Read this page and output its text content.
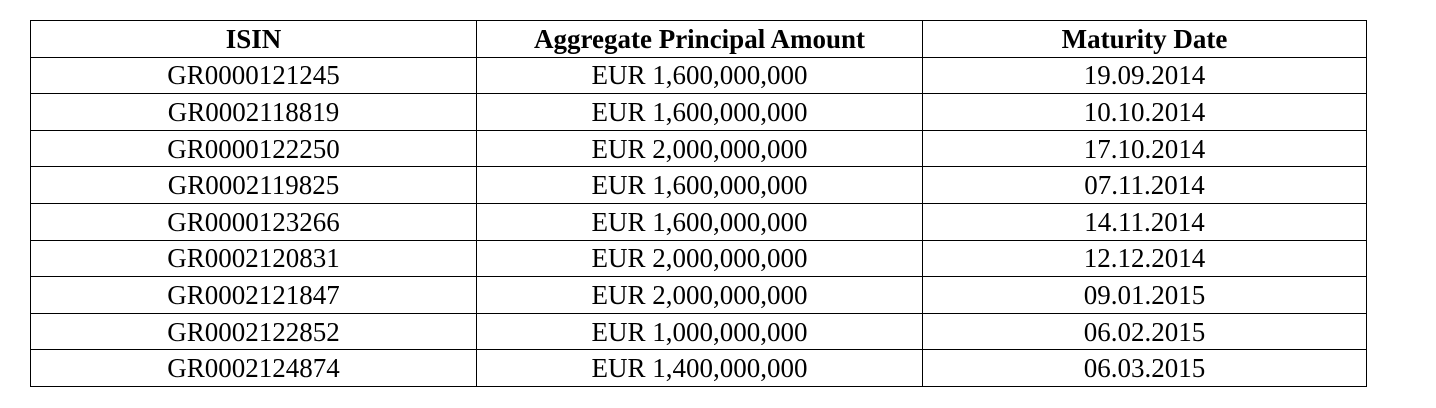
ISIN	Aggregate Principal Amount	Maturity Date
GR0000121245	EUR 1,600,000,000	19.09.2014
GR0002118819	EUR 1,600,000,000	10.10.2014
GR0000122250	EUR 2,000,000,000	17.10.2014
GR0002119825	EUR 1,600,000,000	07.11.2014
GR0000123266	EUR 1,600,000,000	14.11.2014
GR0002120831	EUR 2,000,000,000	12.12.2014
GR0002121847	EUR 2,000,000,000	09.01.2015
GR0002122852	EUR 1,000,000,000	06.02.2015
GR0002124874	EUR 1,400,000,000	06.03.2015
